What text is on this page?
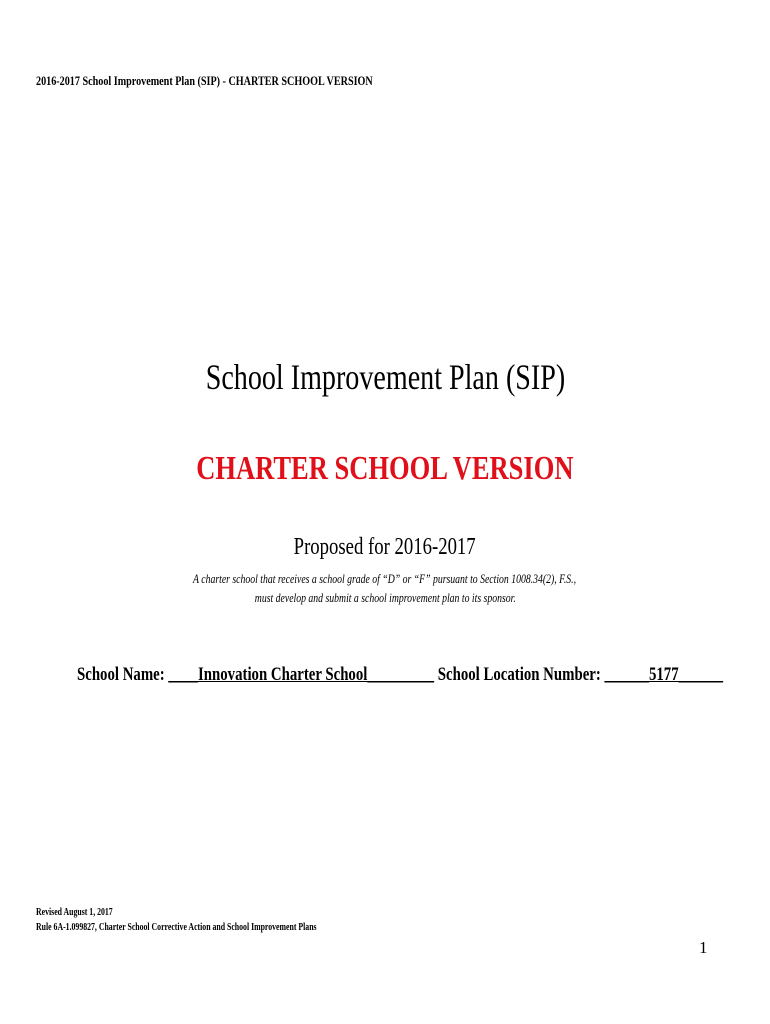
2016-2017 School Improvement Plan (SIP) - CHARTER SCHOOL VERSION
School Improvement Plan (SIP)
CHARTER SCHOOL VERSION
Proposed for 2016-2017
A charter school that receives a school grade of “D” or “F” pursuant to Section 1008.34(2), F.S.,
must develop and submit a school improvement plan to its sponsor.
School Name: ____Innovation Charter School_________ School Location Number: ______5177______
Revised August 1, 2017
Rule 6A-1.099827, Charter School Corrective Action and School Improvement Plans
1
